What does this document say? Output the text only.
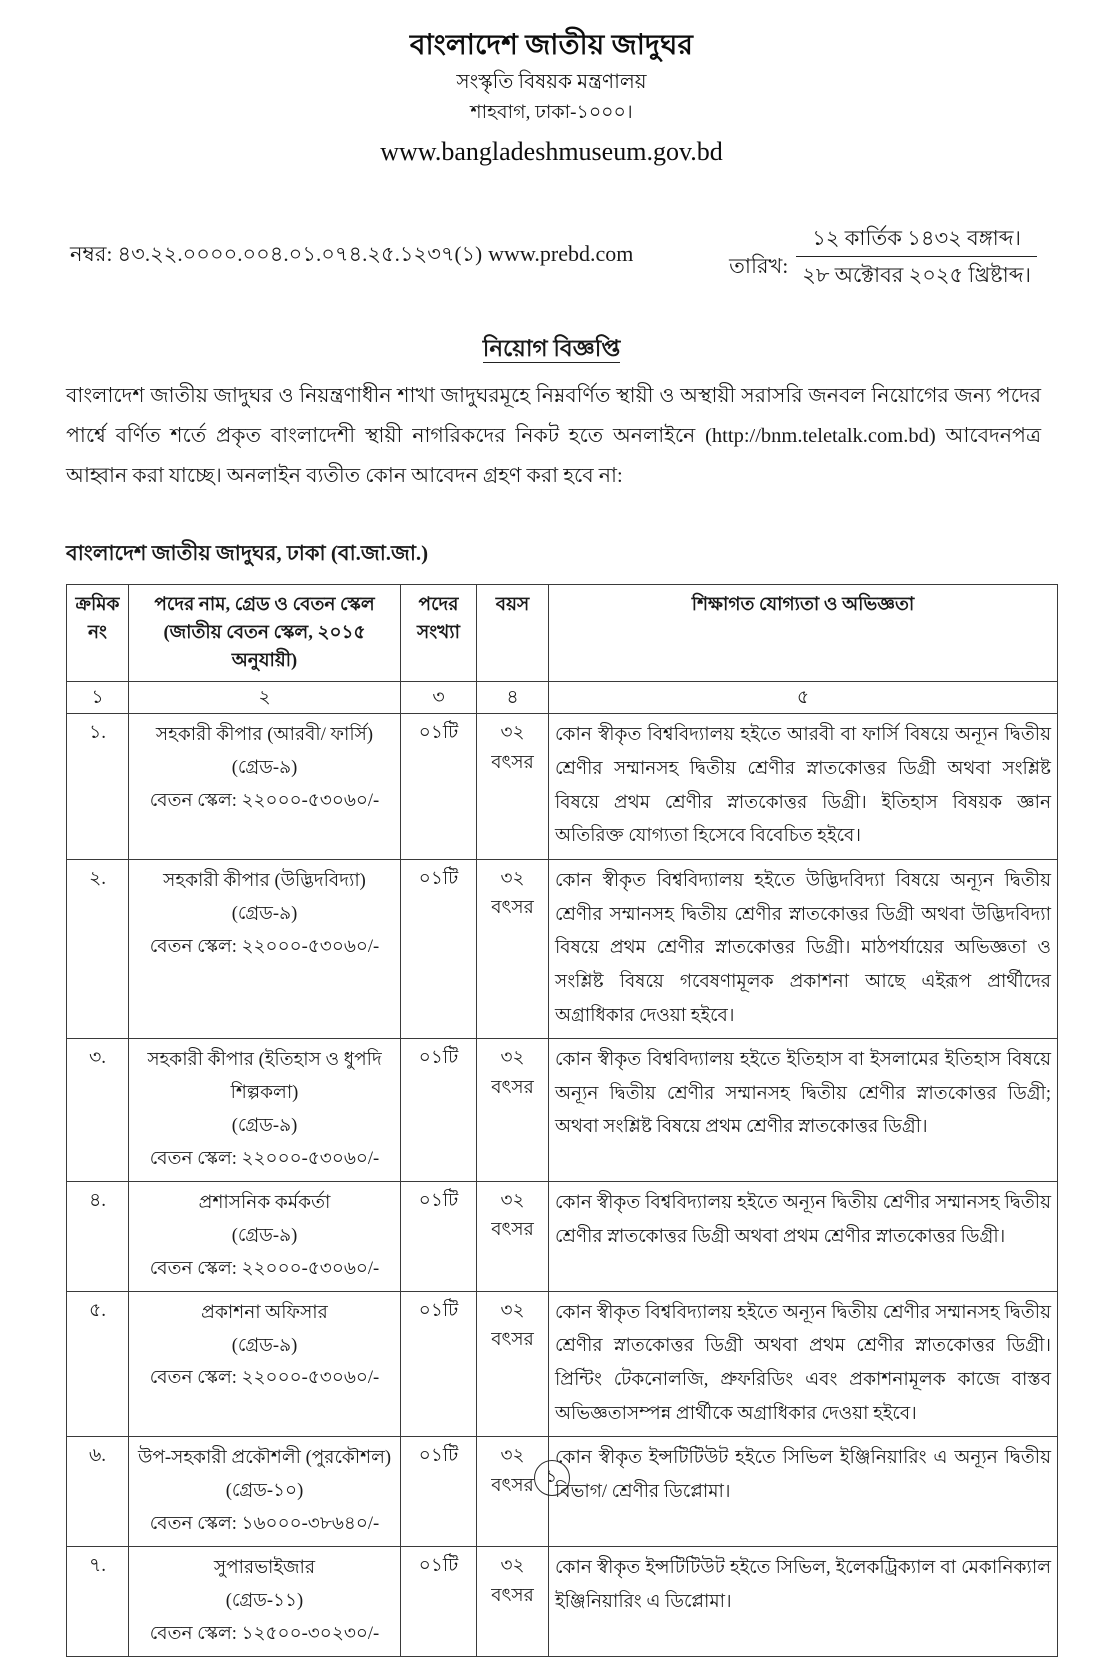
বাংলাদেশ জাতীয় জাদুঘর
সংস্কৃতি বিষয়ক মন্ত্রণালয়
শাহবাগ, ঢাকা-১০০০।
www.bangladeshmuseum.gov.bd
নম্বর: ৪৩.২২.০০০০.০০৪.০১.০৭৪.২৫.১২৩৭(১) www.prebd.com
তারিখ:
১২ কার্তিক ১৪৩২ বঙ্গাব্দ।
২৮ অক্টোবর ২০২৫ খ্রিষ্টাব্দ।
নিয়োগ বিজ্ঞপ্তি
বাংলাদেশ জাতীয় জাদুঘর ও নিয়ন্ত্রণাধীন শাখা জাদুঘরমূহে নিম্নবর্ণিত স্থায়ী ও অস্থায়ী সরাসরি জনবল নিয়োগের জন্য পদের পার্শ্বে বর্ণিত শর্তে প্রকৃত বাংলাদেশী স্থায়ী নাগরিকদের নিকট হতে অনলাইনে (http://bnm.teletalk.com.bd) আবেদনপত্র আহ্বান করা যাচ্ছে। অনলাইন ব্যতীত কোন আবেদন গ্রহণ করা হবে না:
বাংলাদেশ জাতীয় জাদুঘর, ঢাকা (বা.জা.জা.)
ক্রমিক নং	পদের নাম, গ্রেড ও বেতন স্কেল (জাতীয় বেতন স্কেল, ২০১৫ অনুযায়ী)	পদের সংখ্যা	বয়স	শিক্ষাগত যোগ্যতা ও অভিজ্ঞতা
১	২	৩	৪	৫
১.	সহকারী কীপার (আরবী/ ফার্সি)
(গ্রেড-৯)
বেতন স্কেল: ২২০০০-৫৩০৬০/-
	০১টি	৩২ বৎসর	কোন স্বীকৃত বিশ্ববিদ্যালয় হইতে আরবী বা ফার্সি বিষয়ে অন্যূন দ্বিতীয় শ্রেণীর সম্মানসহ দ্বিতীয় শ্রেণীর স্নাতকোত্তর ডিগ্রী অথবা সংশ্লিষ্ট বিষয়ে প্রথম শ্রেণীর স্নাতকোত্তর ডিগ্রী। ইতিহাস বিষয়ক জ্ঞান অতিরিক্ত যোগ্যতা হিসেবে বিবেচিত হইবে।
২.	সহকারী কীপার (উদ্ভিদবিদ্যা)
(গ্রেড-৯)
বেতন স্কেল: ২২০০০-৫৩০৬০/-
	০১টি	৩২ বৎসর	কোন স্বীকৃত বিশ্ববিদ্যালয় হইতে উদ্ভিদবিদ্যা বিষয়ে অন্যূন দ্বিতীয় শ্রেণীর সম্মানসহ দ্বিতীয় শ্রেণীর স্নাতকোত্তর ডিগ্রী অথবা উদ্ভিদবিদ্যা বিষয়ে প্রথম শ্রেণীর স্নাতকোত্তর ডিগ্রী। মাঠপর্যায়ের অভিজ্ঞতা ও সংশ্লিষ্ট বিষয়ে গবেষণামূলক প্রকাশনা আছে এইরূপ প্রার্থীদের অগ্রাধিকার দেওয়া হইবে।
৩.	সহকারী কীপার (ইতিহাস ও ধুপদি শিল্পকলা)
(গ্রেড-৯)
বেতন স্কেল: ২২০০০-৫৩০৬০/-	০১টি	৩২ বৎসর	কোন স্বীকৃত বিশ্ববিদ্যালয় হইতে ইতিহাস বা ইসলামের ইতিহাস বিষয়ে অন্যূন দ্বিতীয় শ্রেণীর সম্মানসহ দ্বিতীয় শ্রেণীর স্নাতকোত্তর ডিগ্রী; অথবা সংশ্লিষ্ট বিষয়ে প্রথম শ্রেণীর স্নাতকোত্তর ডিগ্রী।
৪.	প্রশাসনিক কর্মকর্তা
(গ্রেড-৯)
বেতন স্কেল: ২২০০০-৫৩০৬০/-	০১টি	৩২ বৎসর	কোন স্বীকৃত বিশ্ববিদ্যালয় হইতে অন্যূন দ্বিতীয় শ্রেণীর সম্মানসহ দ্বিতীয় শ্রেণীর স্নাতকোত্তর ডিগ্রী অথবা প্রথম শ্রেণীর স্নাতকোত্তর ডিগ্রী।
৫.	প্রকাশনা অফিসার
(গ্রেড-৯)
বেতন স্কেল: ২২০০০-৫৩০৬০/-
	০১টি	৩২ বৎসর	কোন স্বীকৃত বিশ্ববিদ্যালয় হইতে অন্যূন দ্বিতীয় শ্রেণীর সম্মানসহ দ্বিতীয় শ্রেণীর স্নাতকোত্তর ডিগ্রী অথবা প্রথম শ্রেণীর স্নাতকোত্তর ডিগ্রী। প্রিন্টিং টেকনোলজি, প্রুফরিডিং এবং প্রকাশনামূলক কাজে বাস্তব অভিজ্ঞতাসম্পন্ন প্রার্থীকে অগ্রাধিকার দেওয়া হইবে।
৬.	উপ-সহকারী প্রকৌশলী (পুরকৌশল)
(গ্রেড-১০)
বেতন স্কেল: ১৬০০০-৩৮৬৪০/-	০১টি	৩২ বৎসর	কোন স্বীকৃত ইন্সটিটিউট হইতে সিভিল ইঞ্জিনিয়ারিং এ অন্যূন দ্বিতীয় বিভাগ/ শ্রেণীর ডিপ্লোমা।
৭.	সুপারভাইজার
(গ্রেড-১১)
বেতন স্কেল: ১২৫০০-৩০২৩০/-	০১টি	৩২ বৎসর	কোন স্বীকৃত ইন্সটিটিউট হইতে সিভিল, ইলেকট্রিক্যাল বা মেকানিক্যাল ইঞ্জিনিয়ারিং এ ডিপ্লোমা।
১
